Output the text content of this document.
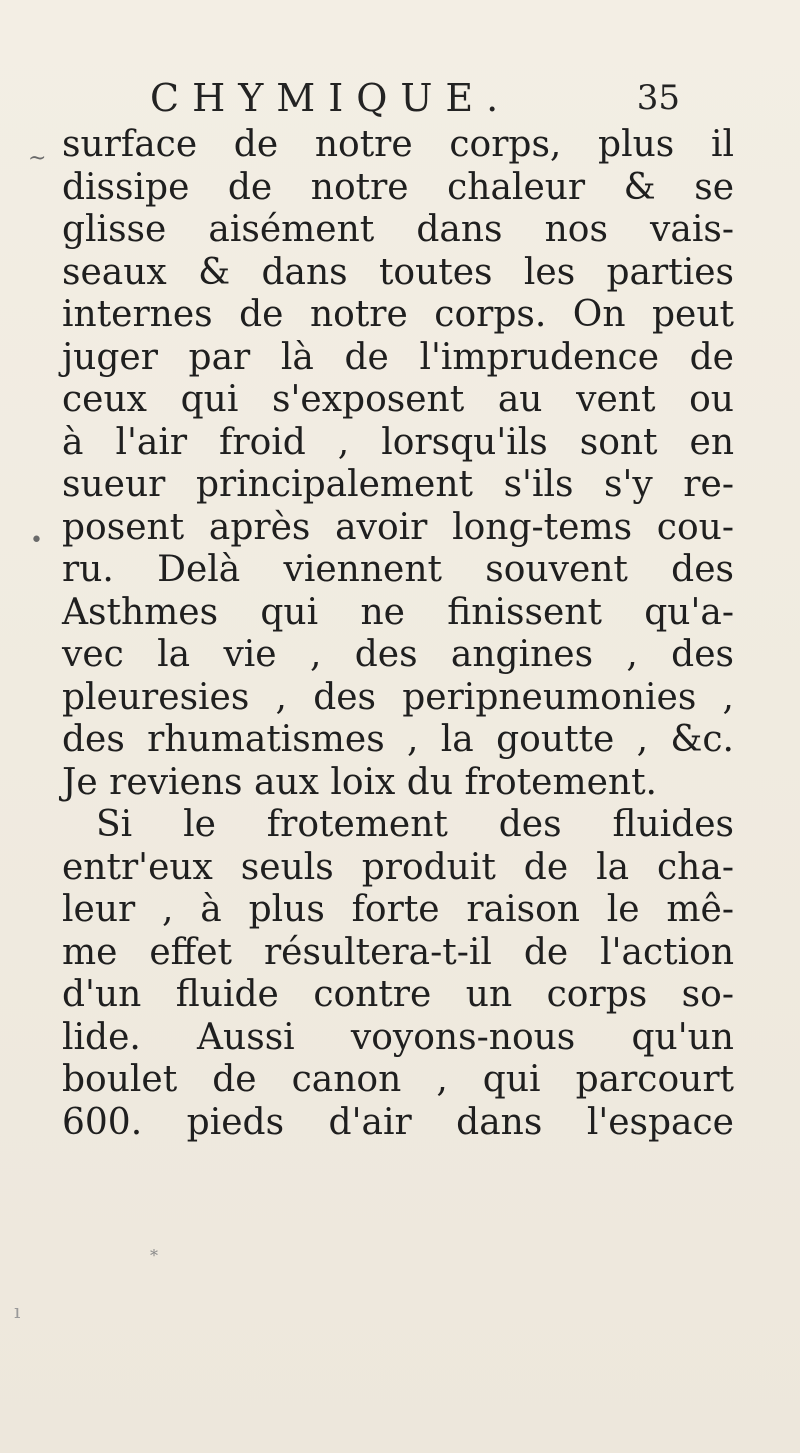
CHYMIQUE.	35
surface de notre corps, plus il
dissipe de notre chaleur & se
glisse aisément dans nos vais-
seaux & dans toutes les parties
internes de notre corps. On peut
juger par là de l'imprudence de
ceux qui s'exposent au vent ou
à l'air froid , lorsqu'ils sont en
sueur principalement s'ils s'y re-
posent après avoir long-tems cou-
ru. Delà viennent souvent des
Asthmes qui ne finissent qu'a-
vec la vie , des angines , des
pleuresies , des peripneumonies ,
des rhumatismes , la goutte , &c.
Je reviens aux loix du frotement.
Si le frotement des fluides
entr'eux seuls produit de la cha-
leur , à plus forte raison le mê-
me effet résultera-t-il de l'action
d'un fluide contre un corps so-
lide. Aussi voyons-nous qu'un
boulet de canon , qui parcourt
600. pieds d'air dans l'espace
~
•
*
ı
